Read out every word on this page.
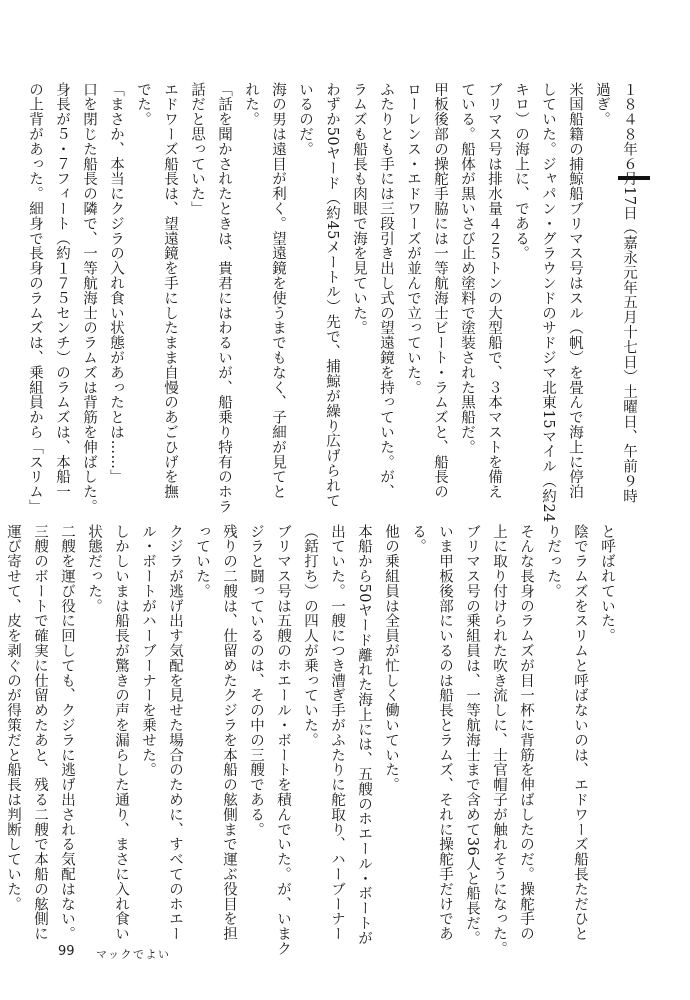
１８４８年６月17日（嘉永元年五月十七日）土曜日、午前９時
過ぎ。
米国船籍の捕鯨船ブリマス号はスル（帆）を畳んで海上に停泊
していた。ジャパン・グラウンドのサドジマ北東15マイル（約24
キロ）の海上に、である。
ブリマス号は排水量４２５トンの大型船で、３本マストを備え
ている。船体が黒いさび止め塗料で塗装された黒船だ。
甲板後部の操舵手脇には一等航海士ビート・ラムズと、船長の
ローレンス・エドワーズが並んで立っていた。
ふたりとも手には三段引き出し式の望遠鏡を持っていた。が、
ラムズも船長も肉眼で海を見ていた。
わずか50ヤード（約45メートル）先で、捕鯨が繰り広げられて
いるのだ。
海の男は遠目が利く。望遠鏡を使うまでもなく、子細が見てと
れた。
「話を聞かされたときは、貴君にはわるいが、船乗り特有のホラ
話だと思っていた」
エドワーズ船長は、望遠鏡を手にしたまま自慢のあごひげを撫
でた。
「まさか、本当にクジラの入れ食い状態があったとは……」
口を閉じた船長の隣で、一等航海士のラムズは背筋を伸ばした。
身長が５・７フィート（約１７５センチ）のラムズは、本船一
の上背があった。細身で長身のラムズは、乗組員から「スリム」
と呼ばれていた。
陰でラムズをスリムと呼ばないのは、エドワーズ船長ただひと
りだった。
そんな長身のラムズが目一杯に背筋を伸ばしたのだ。操舵手の
上に取り付けられた吹き流しに、士官帽子が触れそうになった。
ブリマス号の乗組員は、一等航海士まで含めて36人と船長だ。
いま甲板後部にいるのは船長とラムズ、それに操舵手だけであ
る。
他の乗組員は全員が忙しく働いていた。
本船から50ヤード離れた海上には、五艘のホエール・ボートが
出ていた。一艘につき漕ぎ手がふたりに舵取り、ハーブーナー
（銛打ち）の四人が乗っていた。
ブリマス号は五艘のホエール・ボートを積んでいた。が、いまク
ジラと闘っているのは、その中の三艘である。
残りの二艘は、仕留めたクジラを本船の舷側まで運ぶ役目を担
っていた。
クジラが逃げ出す気配を見せた場合のために、すべてのホエー
ル・ボートがハーブーナーを乗せた。
しかしいまは船長が驚きの声を漏らした通り、まさに入れ食い
状態だった。
二艘を運び役に回しても、クジラに逃げ出される気配はない。
三艘のボートで確実に仕留めたあと、残る二艘で本船の舷側に
運び寄せて、皮を剥ぐのが得策だと船長は判断していた。
99 マックでよい
